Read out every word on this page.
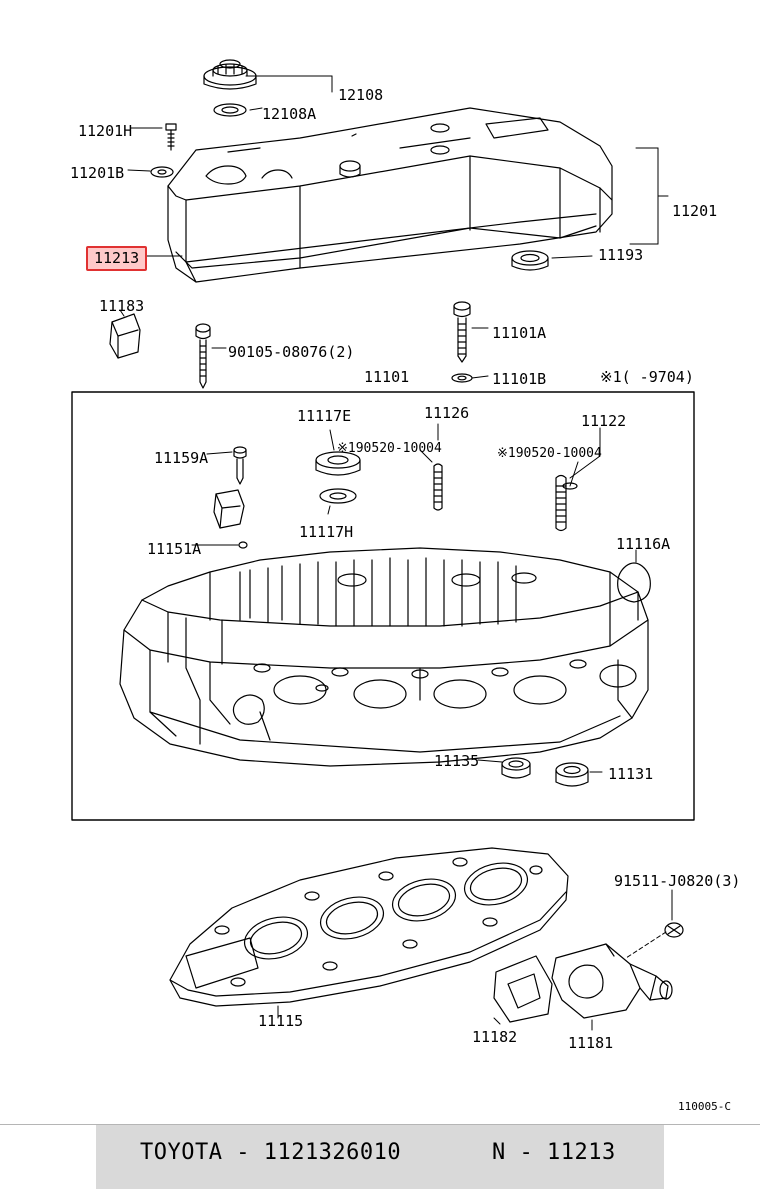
12108
12108A
11201H
11201B
11201
11193
11183
90105-08076(2)
11101A
11101	11101B	※1( -9704)
11117E	11126	11122
※190520-10004	※190520-10004
11159A
11117H
11116A
11151A
11135
11131
91511-J0820(3)
11115
11182	11181
11213
110005-C
TOYOTA - 1121326010	N - 11213
